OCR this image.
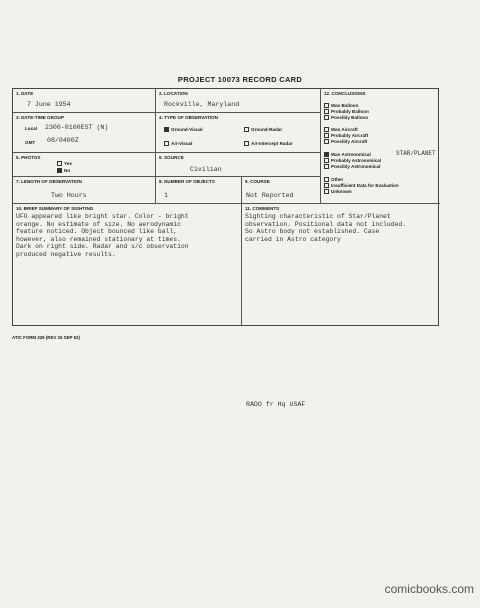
PROJECT 10073 RECORD CARD
1. DATE
7 June 1954
2. LOCATION
Rockville, Maryland
3. DATE-TIME GROUP
Local 2300-0100EST (N)
GMT 08/0400Z
4. TYPE OF OBSERVATION
Ground-Visual	Ground-Radar
Air-Visual	Air-Intercept Radar
5. PHOTOS
Yes
No
6. SOURCE
Civilian
7. LENGTH OF OBSERVATION
Two Hours
8. NUMBER OF OBJECTS
1
9. COURSE
Not Reported
12. CONCLUSIONS
Was Balloon
Probably Balloon
Possibly Balloon
Was Aircraft
Probably Aircraft
Possibly Aircraft
Was Astronomical	STAR/PLANET
Probably Astronomical
Possibly Astronomical
Other
Insufficient Data for Evaluation
Unknown
10. BRIEF SUMMARY OF SIGHTING
UFO appeared like bright star. Color - bright
orange. No estimate of size. No aerodynamic
feature noticed. Object bounced like ball,
however, also remained stationary at times.
Dark on right side. Radar and s/c observation
produced negative results.
11. COMMENTS
Sighting characteristic of Star/Planet
observation. Positional data not included.
So Astro body not established. Case
carried in Astro category
RADO fr Hq USAF
ATIC FORM 329 (REV 26 SEP 52)
comicbooks.com
